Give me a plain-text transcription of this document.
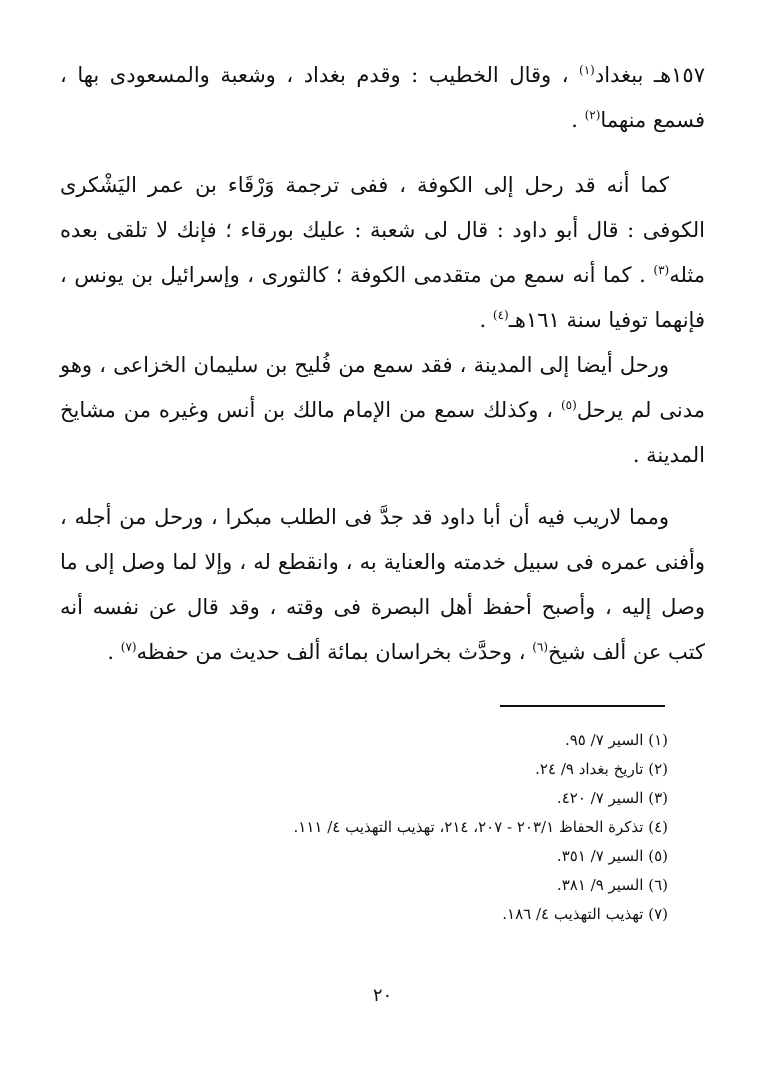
١٥٧هـ ببغداد$^{(١)}$ ، وقال الخطيب : وقدم بغداد ، وشعبة والمسعودى بها ، فسمع منهما$^{(٢)}$ .

كما أنه قد رحل إلى الكوفة ، ففى ترجمة وَرْقَاء بن عمر اليَشْكرى الكوفى : قال أبو داود : قال لى شعبة : عليك بورقاء ؛ فإنك لا تلقى بعده مثله$^{(٣)}$ . كما أنه سمع من متقدمى الكوفة ؛ كالثورى ، وإسرائيل بن يونس ، فإنهما توفيا سنة ١٦١هـ$^{(٤)}$ .

ورحل أيضا إلى المدينة ، فقد سمع من فُليح بن سليمان الخزاعى ، وهو مدنى لم يرحل$^{(٥)}$ ، وكذلك سمع من الإمام مالك بن أنس وغيره من مشايخ المدينة .

ومما لاريب فيه أن أبا داود قد جدَّ فى الطلب مبكرا ، ورحل من أجله ، وأفنى عمره فى سبيل خدمته والعناية به ، وانقطع له ، وإلا لما وصل إلى ما وصل إليه ، وأصبح أحفظ أهل البصرة فى وقته ، وقد قال عن نفسه أنه كتب عن ألف شيخ$^{(٦)}$ ، وحدَّث بخراسان بمائة ألف حديث من حفظه$^{(٧)}$ .

(١) السير ٧/ ٩٥.
(٢) تاريخ بغداد ٩/ ٢٤.
(٣) السير ٧/ ٤٢٠.
(٤) تذكرة الحفاظ ٢٠٣/١ - ٢٠٧، ٢١٤، تهذيب التهذيب ٤/ ١١١.
(٥) السير ٧/ ٣٥١.
(٦) السير ٩/ ٣٨١.
(٧) تهذيب التهذيب ٤/ ١٨٦.
٢٠
